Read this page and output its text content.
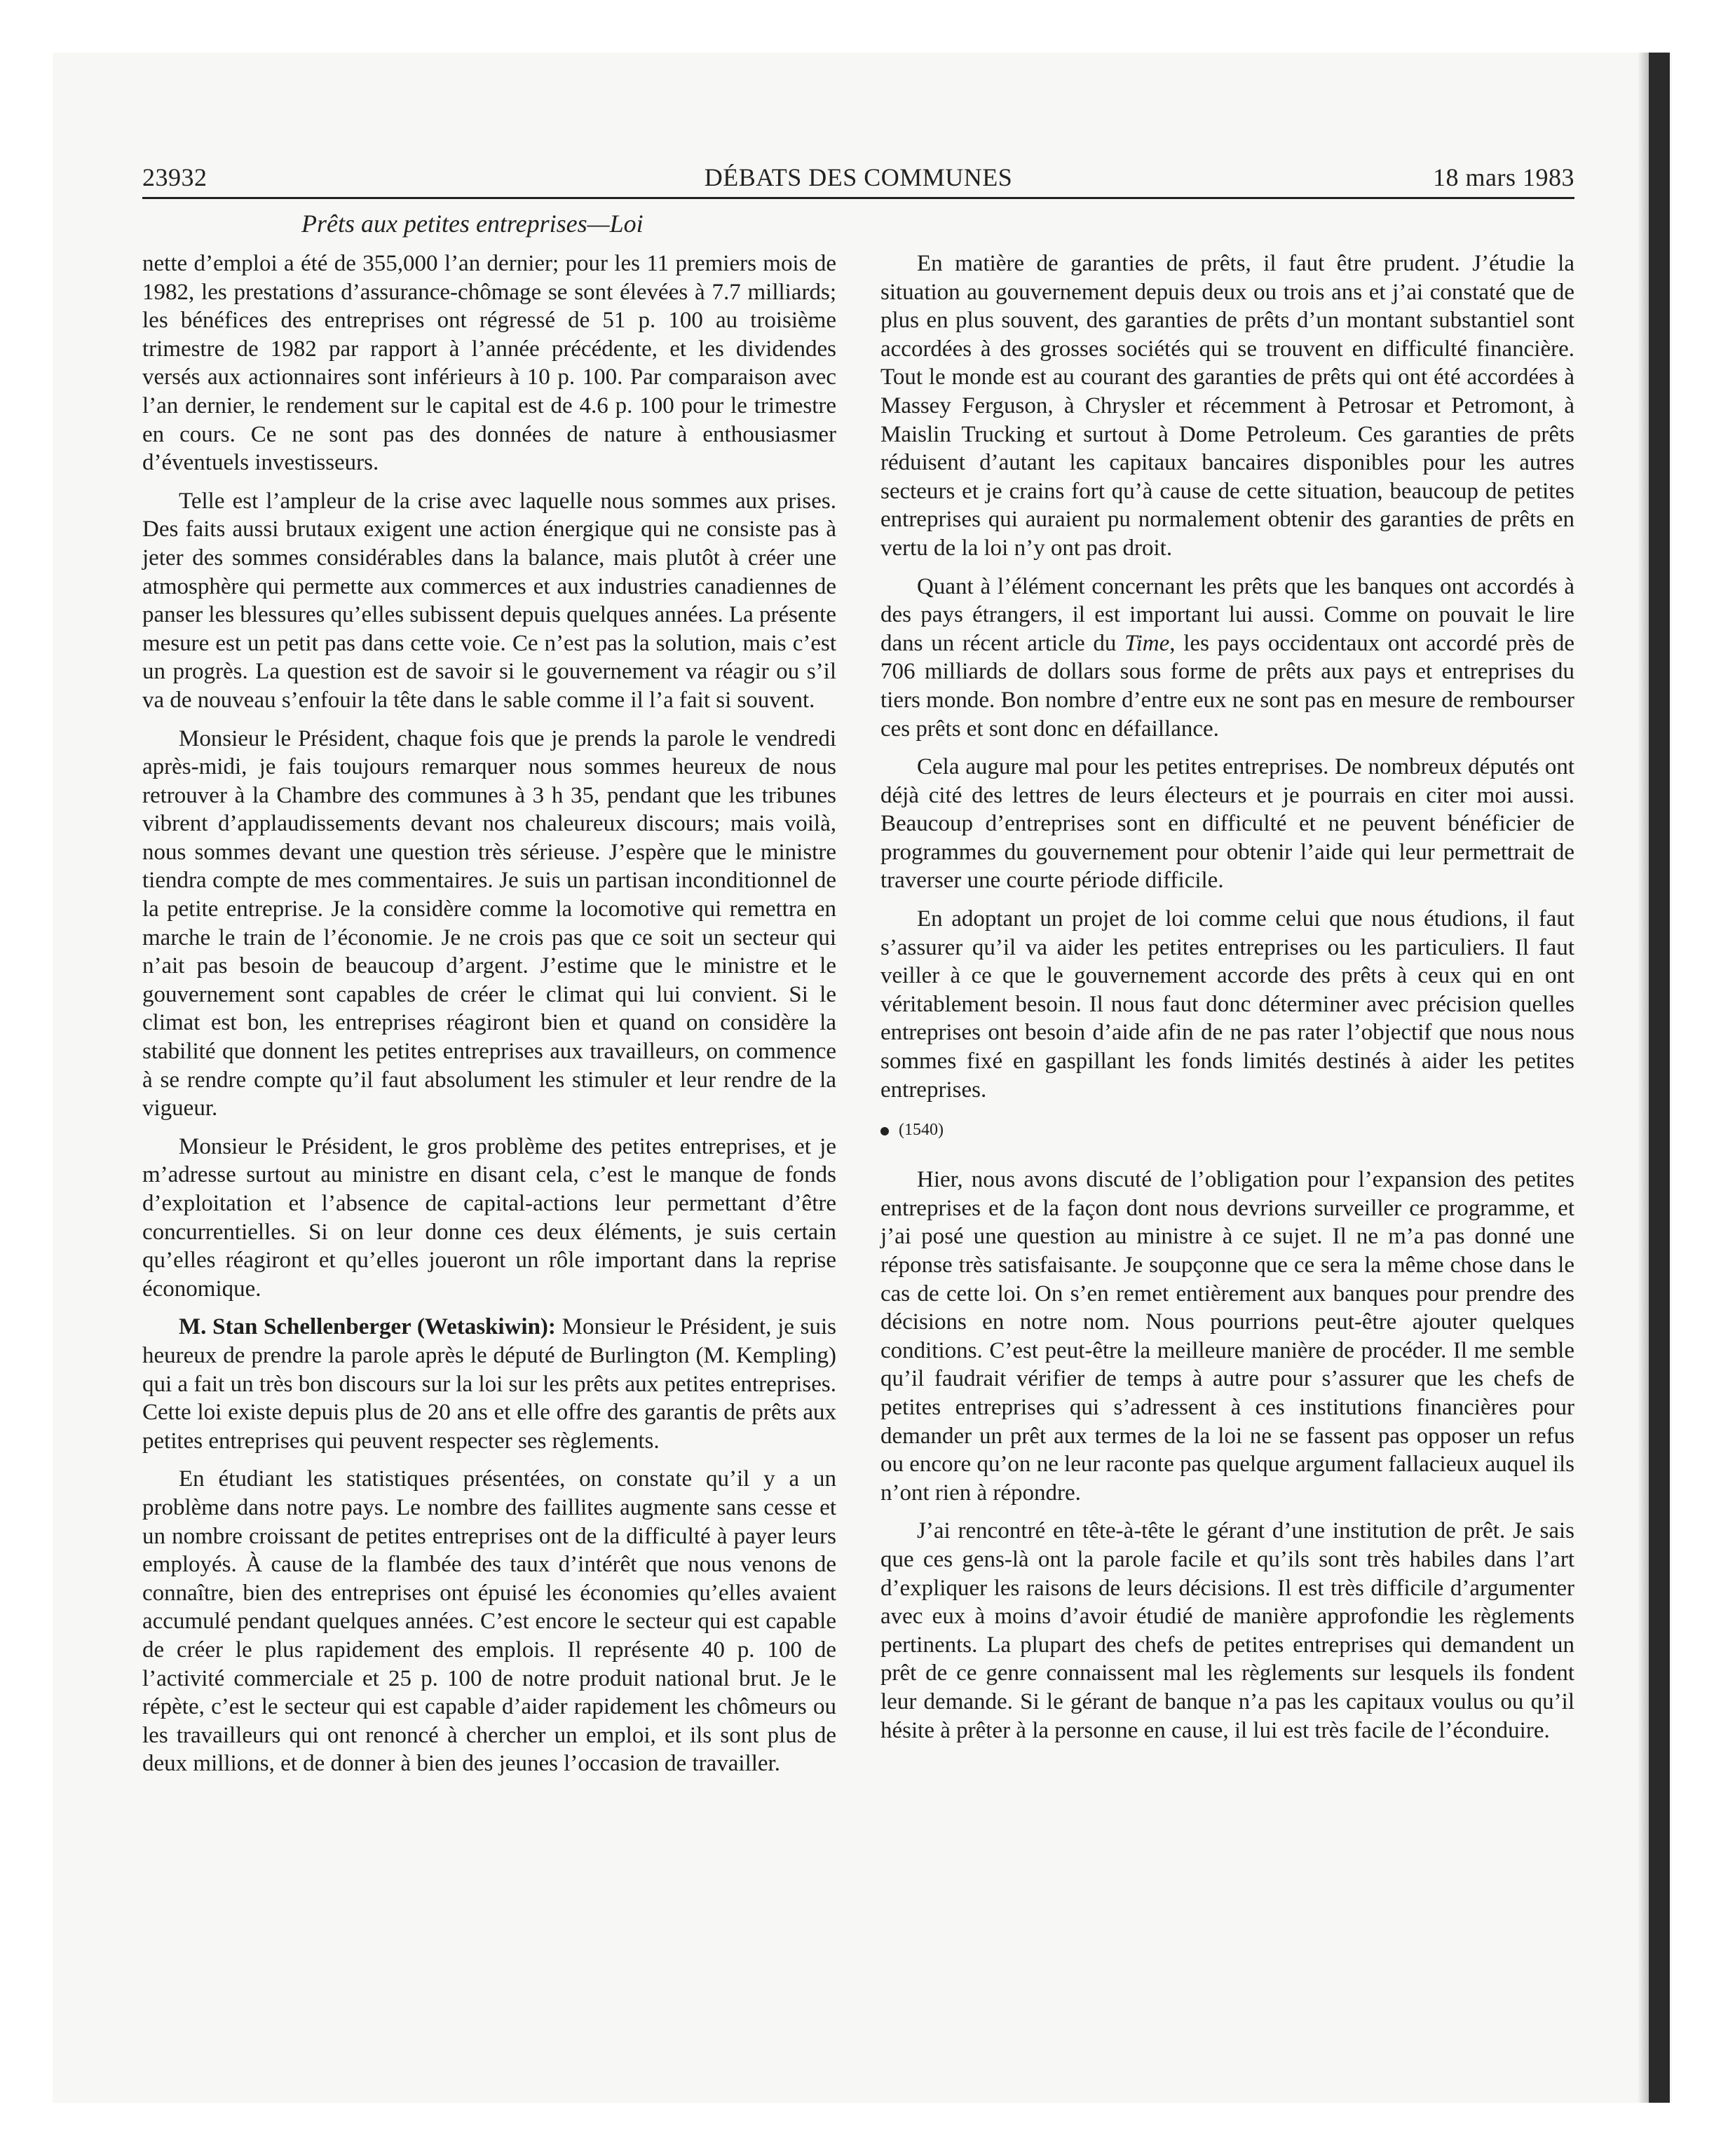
23932	DÉBATS DES COMMUNES	18 mars 1983
Prêts aux petites entreprises—Loi

nette d’emploi a été de 355,000 l’an dernier; pour les 11 premiers mois de 1982, les prestations d’assurance-chômage se sont élevées à 7.7 milliards; les bénéfices des entreprises ont régressé de 51 p. 100 au troisième trimestre de 1982 par rapport à l’année précédente, et les dividendes versés aux actionnaires sont inférieurs à 10 p. 100. Par comparaison avec l’an dernier, le rendement sur le capital est de 4.6 p. 100 pour le trimestre en cours. Ce ne sont pas des données de nature à enthousiasmer d’éventuels investisseurs.

Telle est l’ampleur de la crise avec laquelle nous sommes aux prises. Des faits aussi brutaux exigent une action énergique qui ne consiste pas à jeter des sommes considérables dans la balance, mais plutôt à créer une atmosphère qui permette aux commerces et aux industries canadiennes de panser les blessures qu’elles subissent depuis quelques années. La présente mesure est un petit pas dans cette voie. Ce n’est pas la solution, mais c’est un progrès. La question est de savoir si le gouvernement va réagir ou s’il va de nouveau s’enfouir la tête dans le sable comme il l’a fait si souvent.

Monsieur le Président, chaque fois que je prends la parole le vendredi après-midi, je fais toujours remarquer nous sommes heureux de nous retrouver à la Chambre des communes à 3 h 35, pendant que les tribunes vibrent d’applaudissements devant nos chaleureux discours; mais voilà, nous sommes devant une question très sérieuse. J’espère que le ministre tiendra compte de mes commentaires. Je suis un partisan inconditionnel de la petite entreprise. Je la considère comme la locomotive qui remettra en marche le train de l’économie. Je ne crois pas que ce soit un secteur qui n’ait pas besoin de beaucoup d’argent. J’estime que le ministre et le gouvernement sont capables de créer le climat qui lui convient. Si le climat est bon, les entreprises réagiront bien et quand on considère la stabilité que donnent les petites entreprises aux travailleurs, on commence à se rendre compte qu’il faut absolument les stimuler et leur rendre de la vigueur.

Monsieur le Président, le gros problème des petites entreprises, et je m’adresse surtout au ministre en disant cela, c’est le manque de fonds d’exploitation et l’absence de capital-actions leur permettant d’être concurrentielles. Si on leur donne ces deux éléments, je suis certain qu’elles réagiront et qu’elles joueront un rôle important dans la reprise économique.

M. Stan Schellenberger (Wetaskiwin): Monsieur le Président, je suis heureux de prendre la parole après le député de Burlington (M. Kempling) qui a fait un très bon discours sur la loi sur les prêts aux petites entreprises. Cette loi existe depuis plus de 20 ans et elle offre des garantis de prêts aux petites entreprises qui peuvent respecter ses règlements.

En étudiant les statistiques présentées, on constate qu’il y a un problème dans notre pays. Le nombre des faillites augmente sans cesse et un nombre croissant de petites entreprises ont de la difficulté à payer leurs employés. À cause de la flambée des taux d’intérêt que nous venons de connaître, bien des entreprises ont épuisé les économies qu’elles avaient accumulé pendant quelques années. C’est encore le secteur qui est capable de créer le plus rapidement des emplois. Il représente 40 p. 100 de l’activité commerciale et 25 p. 100 de notre produit national brut. Je le répète, c’est le secteur qui est capable d’aider rapidement les chômeurs ou les travailleurs qui ont renoncé à chercher un emploi, et ils sont plus de deux millions, et de donner à bien des jeunes l’occasion de travailler.

En matière de garanties de prêts, il faut être prudent. J’étudie la situation au gouvernement depuis deux ou trois ans et j’ai constaté que de plus en plus souvent, des garanties de prêts d’un montant substantiel sont accordées à des grosses sociétés qui se trouvent en difficulté financière. Tout le monde est au courant des garanties de prêts qui ont été accordées à Massey Ferguson, à Chrysler et récemment à Petrosar et Petromont, à Maislin Trucking et surtout à Dome Petroleum. Ces garanties de prêts réduisent d’autant les capitaux bancaires disponibles pour les autres secteurs et je crains fort qu’à cause de cette situation, beaucoup de petites entreprises qui auraient pu normalement obtenir des garanties de prêts en vertu de la loi n’y ont pas droit.

Quant à l’élément concernant les prêts que les banques ont accordés à des pays étrangers, il est important lui aussi. Comme on pouvait le lire dans un récent article du Time, les pays occidentaux ont accordé près de 706 milliards de dollars sous forme de prêts aux pays et entreprises du tiers monde. Bon nombre d’entre eux ne sont pas en mesure de rembourser ces prêts et sont donc en défaillance.

Cela augure mal pour les petites entreprises. De nombreux députés ont déjà cité des lettres de leurs électeurs et je pourrais en citer moi aussi. Beaucoup d’entreprises sont en difficulté et ne peuvent bénéficier de programmes du gouvernement pour obtenir l’aide qui leur permettrait de traverser une courte période difficile.

En adoptant un projet de loi comme celui que nous étudions, il faut s’assurer qu’il va aider les petites entreprises ou les particuliers. Il faut veiller à ce que le gouvernement accorde des prêts à ceux qui en ont véritablement besoin. Il nous faut donc déterminer avec précision quelles entreprises ont besoin d’aide afin de ne pas rater l’objectif que nous nous sommes fixé en gaspillant les fonds limités destinés à aider les petites entreprises.

(1540)

Hier, nous avons discuté de l’obligation pour l’expansion des petites entreprises et de la façon dont nous devrions surveiller ce programme, et j’ai posé une question au ministre à ce sujet. Il ne m’a pas donné une réponse très satisfaisante. Je soupçonne que ce sera la même chose dans le cas de cette loi. On s’en remet entièrement aux banques pour prendre des décisions en notre nom. Nous pourrions peut-être ajouter quelques conditions. C’est peut-être la meilleure manière de procéder. Il me semble qu’il faudrait vérifier de temps à autre pour s’assurer que les chefs de petites entreprises qui s’adressent à ces institutions financières pour demander un prêt aux termes de la loi ne se fassent pas opposer un refus ou encore qu’on ne leur raconte pas quelque argument fallacieux auquel ils n’ont rien à répondre.

J’ai rencontré en tête-à-tête le gérant d’une institution de prêt. Je sais que ces gens-là ont la parole facile et qu’ils sont très habiles dans l’art d’expliquer les raisons de leurs décisions. Il est très difficile d’argumenter avec eux à moins d’avoir étudié de manière approfondie les règlements pertinents. La plupart des chefs de petites entreprises qui demandent un prêt de ce genre connaissent mal les règlements sur lesquels ils fondent leur demande. Si le gérant de banque n’a pas les capitaux voulus ou qu’il hésite à prêter à la personne en cause, il lui est très facile de l’éconduire.
